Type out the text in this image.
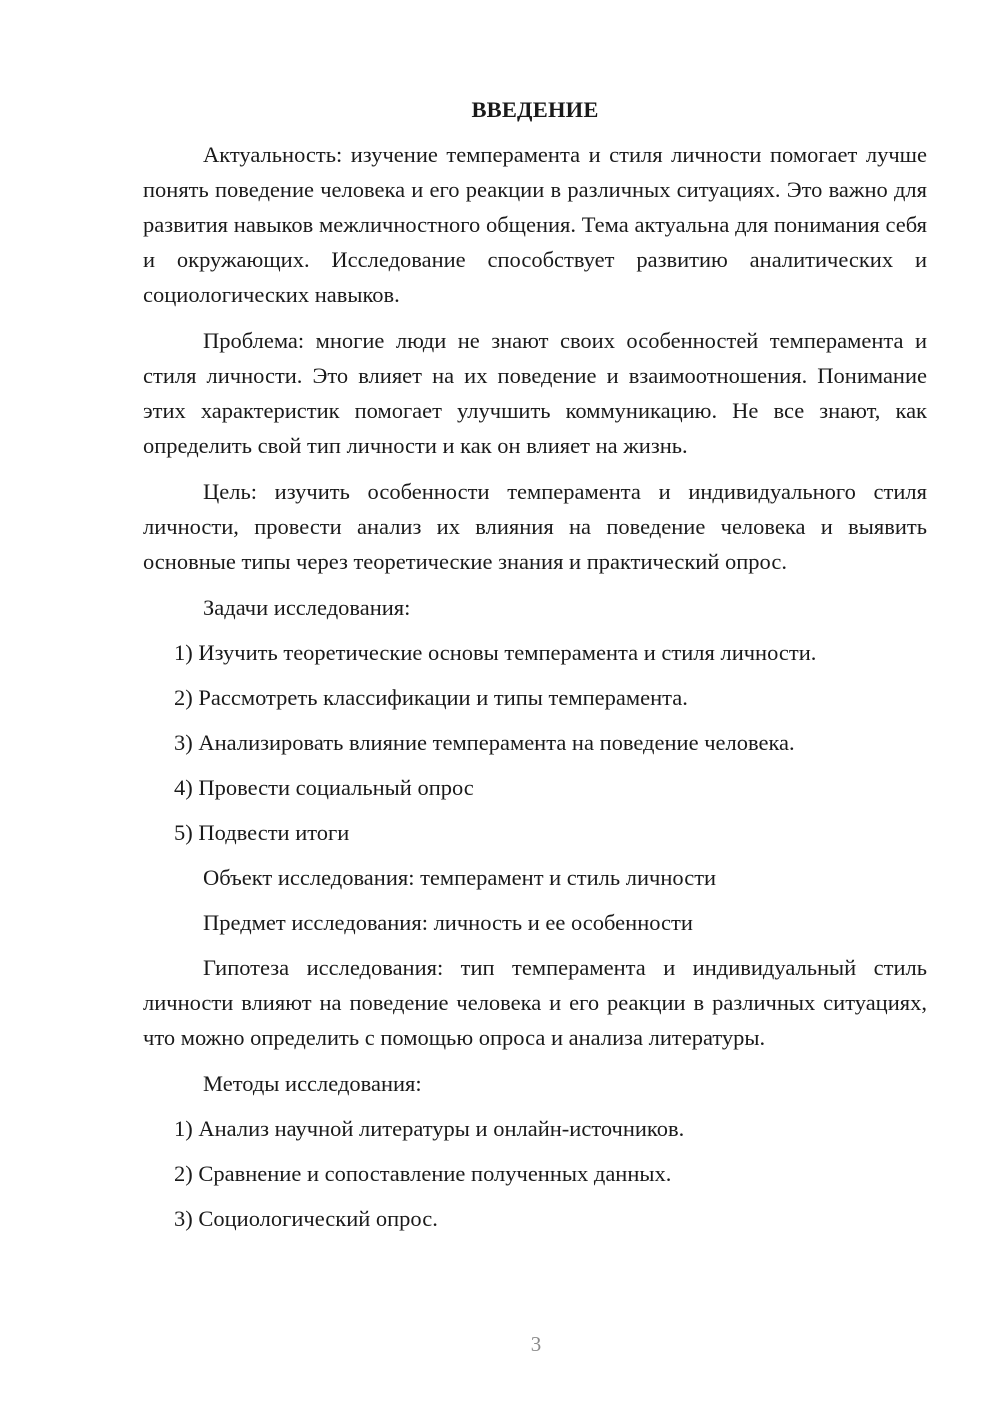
ВВЕДЕНИЕ

Актуальность: изучение темперамента и стиля личности помогает лучше понять поведение человека и его реакции в различных ситуациях. Это важно для развития навыков межличностного общения. Тема актуальна для понимания себя и окружающих. Исследование способствует развитию аналитических и социологических навыков.

Проблема: многие люди не знают своих особенностей темперамента и стиля личности. Это влияет на их поведение и взаимоотношения. Понимание этих характеристик помогает улучшить коммуникацию. Не все знают, как определить свой тип личности и как он влияет на жизнь.

Цель: изучить особенности темперамента и индивидуального стиля личности, провести анализ их влияния на поведение человека и выявить основные типы через теоретические знания и практический опрос.

Задачи исследования:
1) Изучить теоретические основы темперамента и стиля личности.
2) Рассмотреть классификации и типы темперамента.
3) Анализировать влияние темперамента на поведение человека.
4) Провести социальный опрос
5) Подвести итоги
Объект исследования: темперамент и стиль личности
Предмет исследования: личность и ее особенности

Гипотеза исследования: тип темперамента и индивидуальный стиль личности влияют на поведение человека и его реакции в различных ситуациях, что можно определить с помощью опроса и анализа литературы.

Методы исследования:
1) Анализ научной литературы и онлайн-источников.
2) Сравнение и сопоставление полученных данных.
3) Социологический опрос.
3
